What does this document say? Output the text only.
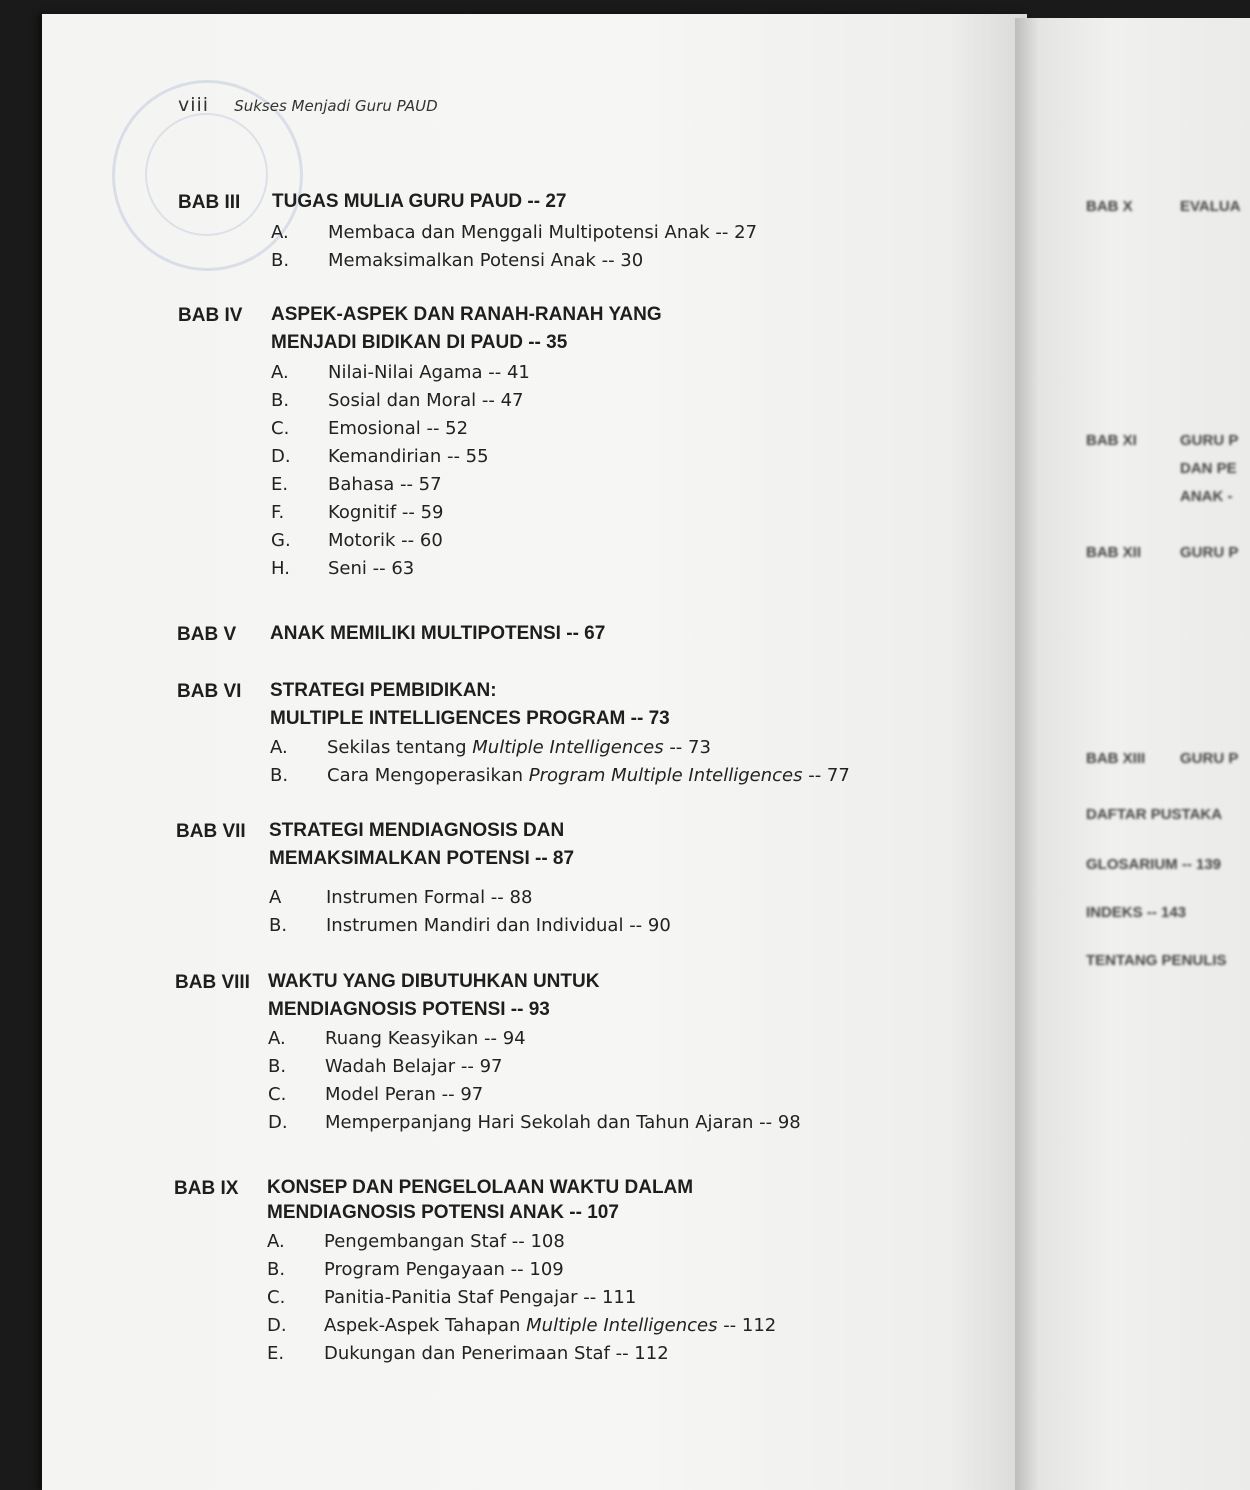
viii Sukses Menjadi Guru PAUD
BAB III TUGAS MULIA GURU PAUD -- 27
A. Membaca dan Menggali Multipotensi Anak -- 27
B. Memaksimalkan Potensi Anak -- 30
BAB IV ASPEK-ASPEK DAN RANAH-RANAH YANG
MENJADI BIDIKAN DI PAUD -- 35
A. Nilai-Nilai Agama -- 41
B. Sosial dan Moral -- 47
C. Emosional -- 52
D. Kemandirian -- 55
E. Bahasa -- 57
F. Kognitif -- 59
G. Motorik -- 60
H. Seni -- 63
BAB V ANAK MEMILIKI MULTIPOTENSI -- 67
BAB VI STRATEGI PEMBIDIKAN:
MULTIPLE INTELLIGENCES PROGRAM -- 73
A. Sekilas tentang Multiple Intelligences -- 73
B. Cara Mengoperasikan Program Multiple Intelligences -- 77
BAB VII STRATEGI MENDIAGNOSIS DAN
MEMAKSIMALKAN POTENSI -- 87
A Instrumen Formal -- 88
B. Instrumen Mandiri dan Individual -- 90
BAB VIII WAKTU YANG DIBUTUHKAN UNTUK
MENDIAGNOSIS POTENSI -- 93
A. Ruang Keasyikan -- 94
B. Wadah Belajar -- 97
C. Model Peran -- 97
D. Memperpanjang Hari Sekolah dan Tahun Ajaran -- 98
BAB IX KONSEP DAN PENGELOLAAN WAKTU DALAM
MENDIAGNOSIS POTENSI ANAK -- 107
A. Pengembangan Staf -- 108
B. Program Pengayaan -- 109
C. Panitia-Panitia Staf Pengajar -- 111
D. Aspek-Aspek Tahapan Multiple Intelligences -- 112
E. Dukungan dan Penerimaan Staf -- 112
BAB X	EVALUA
BAB XI	GURU P
DAN PE
ANAK -
BAB XII	GURU P
BAB XIII GURU P
DAFTAR PUSTAKA
GLOSARIUM -- 139
INDEKS -- 143
TENTANG PENULIS
